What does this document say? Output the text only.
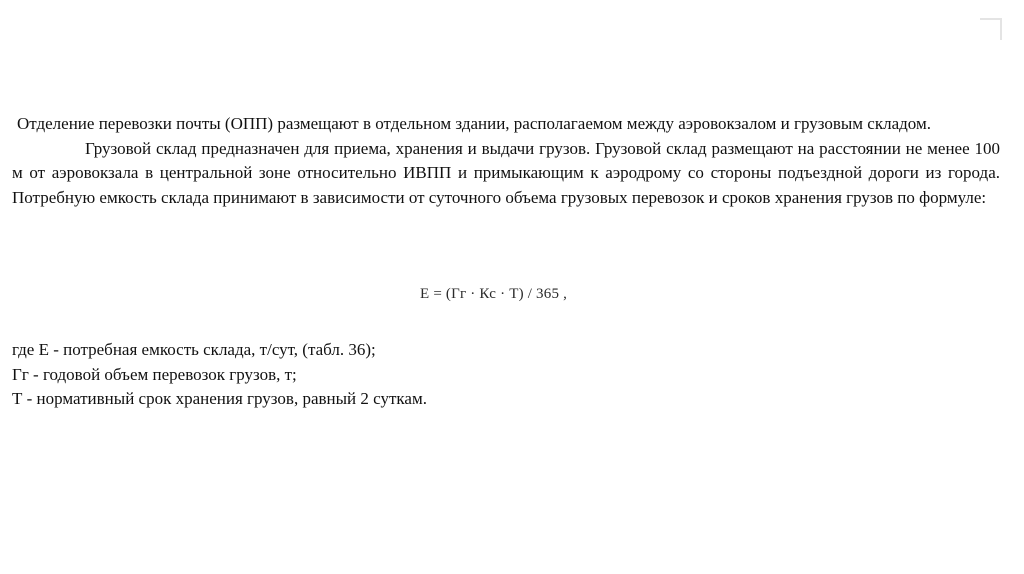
Отделение перевозки почты (ОПП) размещают в отдельном здании, располагаемом между аэровокзалом и грузовым складом.

Грузовой склад предназначен для приема, хранения и выдачи грузов. Грузовой склад размещают на расстоянии не менее 100 м от аэровокзала в центральной зоне относительно ИВПП и примыкающим к аэродрому со стороны подъездной дороги из города. Потребную емкость склада принимают в зависимости от суточного объема грузовых перевозок и сроков хранения грузов по формуле:

Е = (Гг · Кс · Т) / 365 ,
где Е - потребная емкость склада, т/сут, (табл. 36);
Гг - годовой объем перевозок грузов, т;
Т - нормативный срок хранения грузов, равный 2 суткам.
